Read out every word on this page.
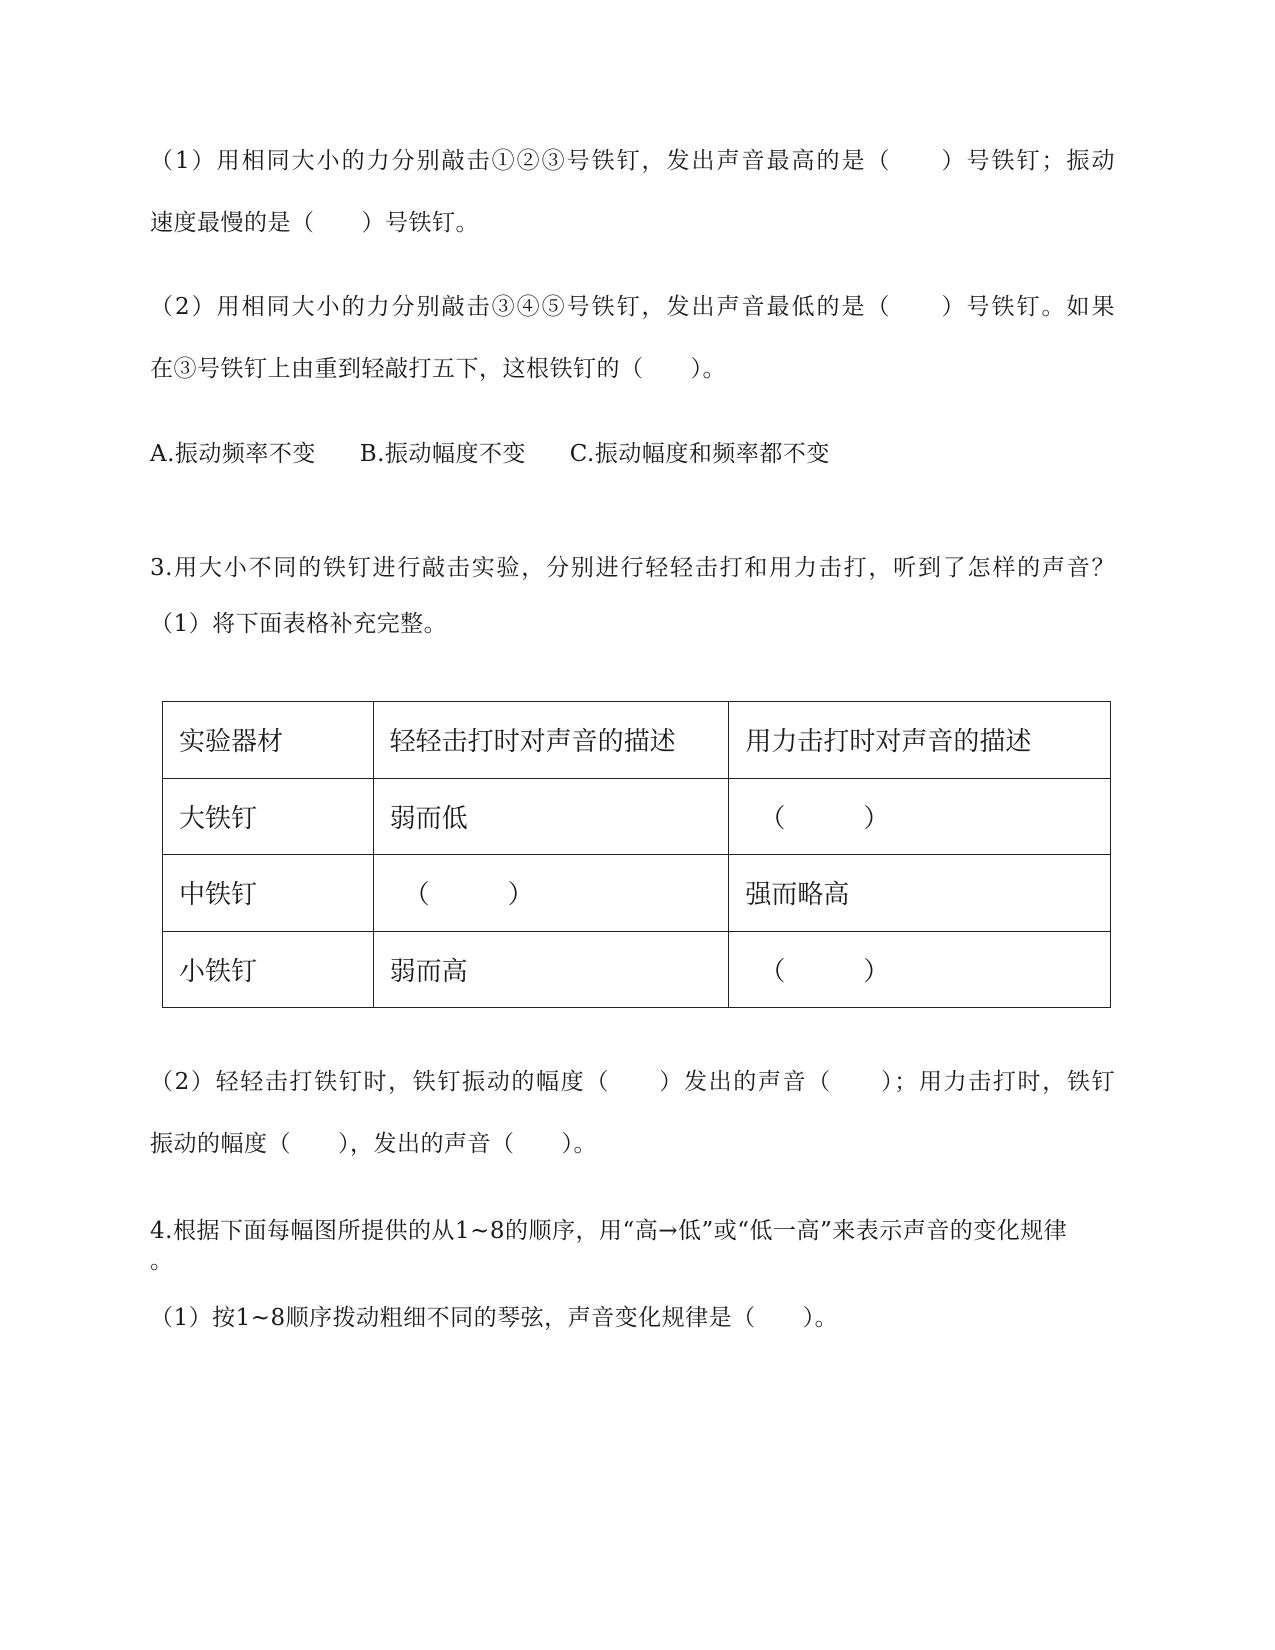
（1）用相同大小的力分别敲击①②③号铁钉，发出声音最高的是（　　）号铁钉；振动
速度最慢的是（　　）号铁钉。
（2）用相同大小的力分别敲击③④⑤号铁钉，发出声音最低的是（　　）号铁钉。如果
在③号铁钉上由重到轻敲打五下，这根铁钉的（　　）。
A.振动频率不变 B.振动幅度不变 C.振动幅度和频率都不变
3.用大小不同的铁钉进行敲击实验，分别进行轻轻击打和用力击打，听到了怎样的声音？
（1）将下面表格补充完整。
实验器材	轻轻击打时对声音的描述	用力击打时对声音的描述
大铁钉	弱而低	（　　　）
中铁钉	（　　　）	强而略高
小铁钉	弱而高	（　　　）
（2）轻轻击打铁钉时，铁钉振动的幅度（　　）发出的声音（　　）；用力击打时，铁钉
振动的幅度（　　），发出的声音（　　）。
4.根据下面每幅图所提供的从1~8的顺序，用“高→低”或“低一高”来表示声音的变化规律
。
（1）按1~8顺序拨动粗细不同的琴弦，声音变化规律是（　　）。
